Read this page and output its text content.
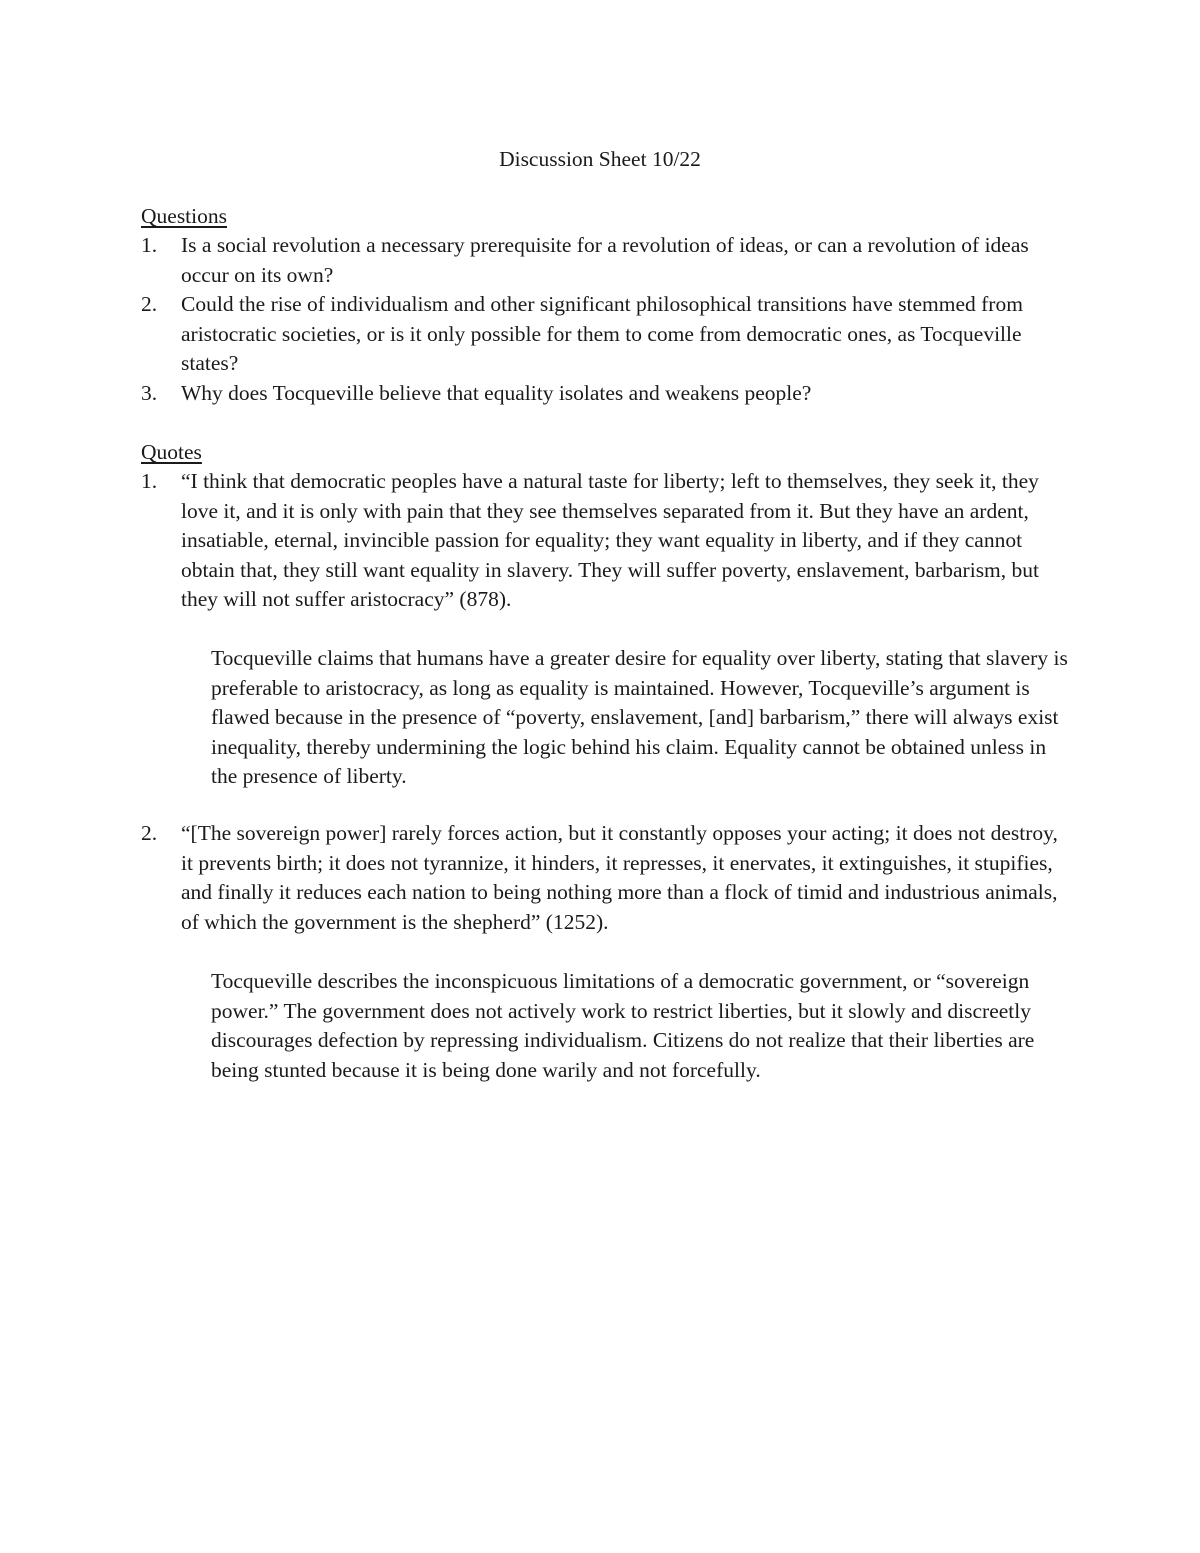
Discussion Sheet 10/22
Questions
1. Is a social revolution a necessary prerequisite for a revolution of ideas, or can a revolution of ideas occur on its own?
2. Could the rise of individualism and other significant philosophical transitions have stemmed from aristocratic societies, or is it only possible for them to come from democratic ones, as Tocqueville states?
3. Why does Tocqueville believe that equality isolates and weakens people?
Quotes
1. “I think that democratic peoples have a natural taste for liberty; left to themselves, they seek it, they love it, and it is only with pain that they see themselves separated from it. But they have an ardent, insatiable, eternal, invincible passion for equality; they want equality in liberty, and if they cannot obtain that, they still want equality in slavery. They will suffer poverty, enslavement, barbarism, but they will not suffer aristocracy” (878).
Tocqueville claims that humans have a greater desire for equality over liberty, stating that slavery is preferable to aristocracy, as long as equality is maintained. However, Tocqueville’s argument is flawed because in the presence of “poverty, enslavement, [and] barbarism,” there will always exist inequality, thereby undermining the logic behind his claim. Equality cannot be obtained unless in the presence of liberty.
2. “[The sovereign power] rarely forces action, but it constantly opposes your acting; it does not destroy, it prevents birth; it does not tyrannize, it hinders, it represses, it enervates, it extinguishes, it stupifies, and finally it reduces each nation to being nothing more than a flock of timid and industrious animals, of which the government is the shepherd” (1252).
Tocqueville describes the inconspicuous limitations of a democratic government, or “sovereign power.” The government does not actively work to restrict liberties, but it slowly and discreetly discourages defection by repressing individualism. Citizens do not realize that their liberties are being stunted because it is being done warily and not forcefully.
